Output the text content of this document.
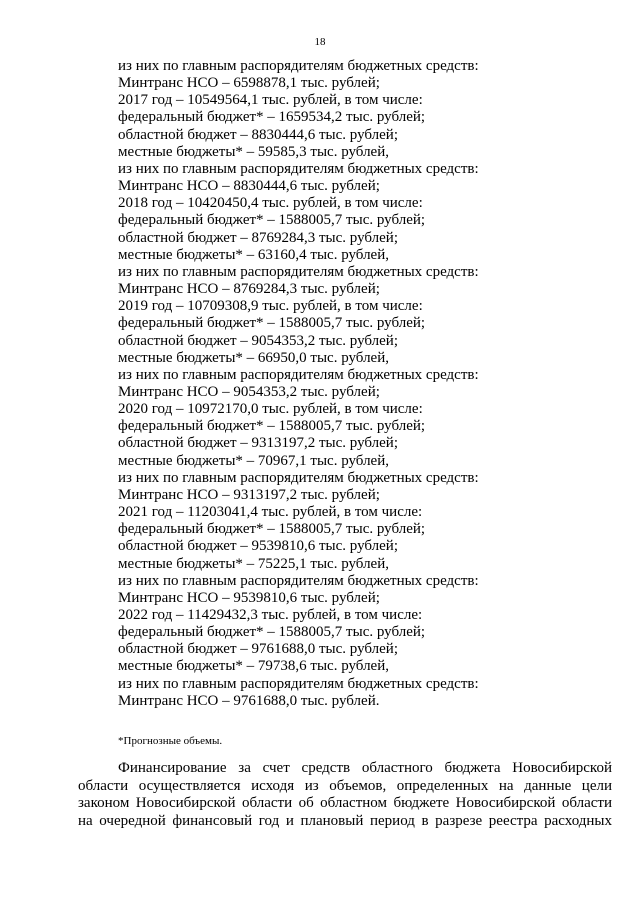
18
из них по главным распорядителям бюджетных средств:
Минтранс НСО – 6598878,1 тыс. рублей;
2017 год – 10549564,1 тыс. рублей, в том числе:
федеральный бюджет* – 1659534,2 тыс. рублей;
областной бюджет – 8830444,6 тыс. рублей;
местные бюджеты* – 59585,3 тыс. рублей,
из них по главным распорядителям бюджетных средств:
Минтранс НСО – 8830444,6 тыс. рублей;
2018 год – 10420450,4 тыс. рублей, в том числе:
федеральный бюджет* – 1588005,7 тыс. рублей;
областной бюджет – 8769284,3 тыс. рублей;
местные бюджеты* – 63160,4 тыс. рублей,
из них по главным распорядителям бюджетных средств:
Минтранс НСО – 8769284,3 тыс. рублей;
2019 год – 10709308,9 тыс. рублей, в том числе:
федеральный бюджет* – 1588005,7 тыс. рублей;
областной бюджет – 9054353,2 тыс. рублей;
местные бюджеты* – 66950,0 тыс. рублей,
из них по главным распорядителям бюджетных средств:
Минтранс НСО – 9054353,2 тыс. рублей;
2020 год – 10972170,0 тыс. рублей, в том числе:
федеральный бюджет* – 1588005,7 тыс. рублей;
областной бюджет – 9313197,2 тыс. рублей;
местные бюджеты* – 70967,1 тыс. рублей,
из них по главным распорядителям бюджетных средств:
Минтранс НСО – 9313197,2 тыс. рублей;
2021 год – 11203041,4 тыс. рублей, в том числе:
федеральный бюджет* – 1588005,7 тыс. рублей;
областной бюджет – 9539810,6 тыс. рублей;
местные бюджеты* – 75225,1 тыс. рублей,
из них по главным распорядителям бюджетных средств:
Минтранс НСО – 9539810,6 тыс. рублей;
2022 год – 11429432,3 тыс. рублей, в том числе:
федеральный бюджет* – 1588005,7 тыс. рублей;
областной бюджет – 9761688,0 тыс. рублей;
местные бюджеты* – 79738,6 тыс. рублей,
из них по главным распорядителям бюджетных средств:
Минтранс НСО – 9761688,0 тыс. рублей.
*Прогнозные объемы.
Финансирование за счет средств областного бюджета Новосибирской
области осуществляется исходя из объемов, определенных на данные цели
законом Новосибирской области об областном бюджете Новосибирской области
на очередной финансовый год и плановый период в разрезе реестра расходных
